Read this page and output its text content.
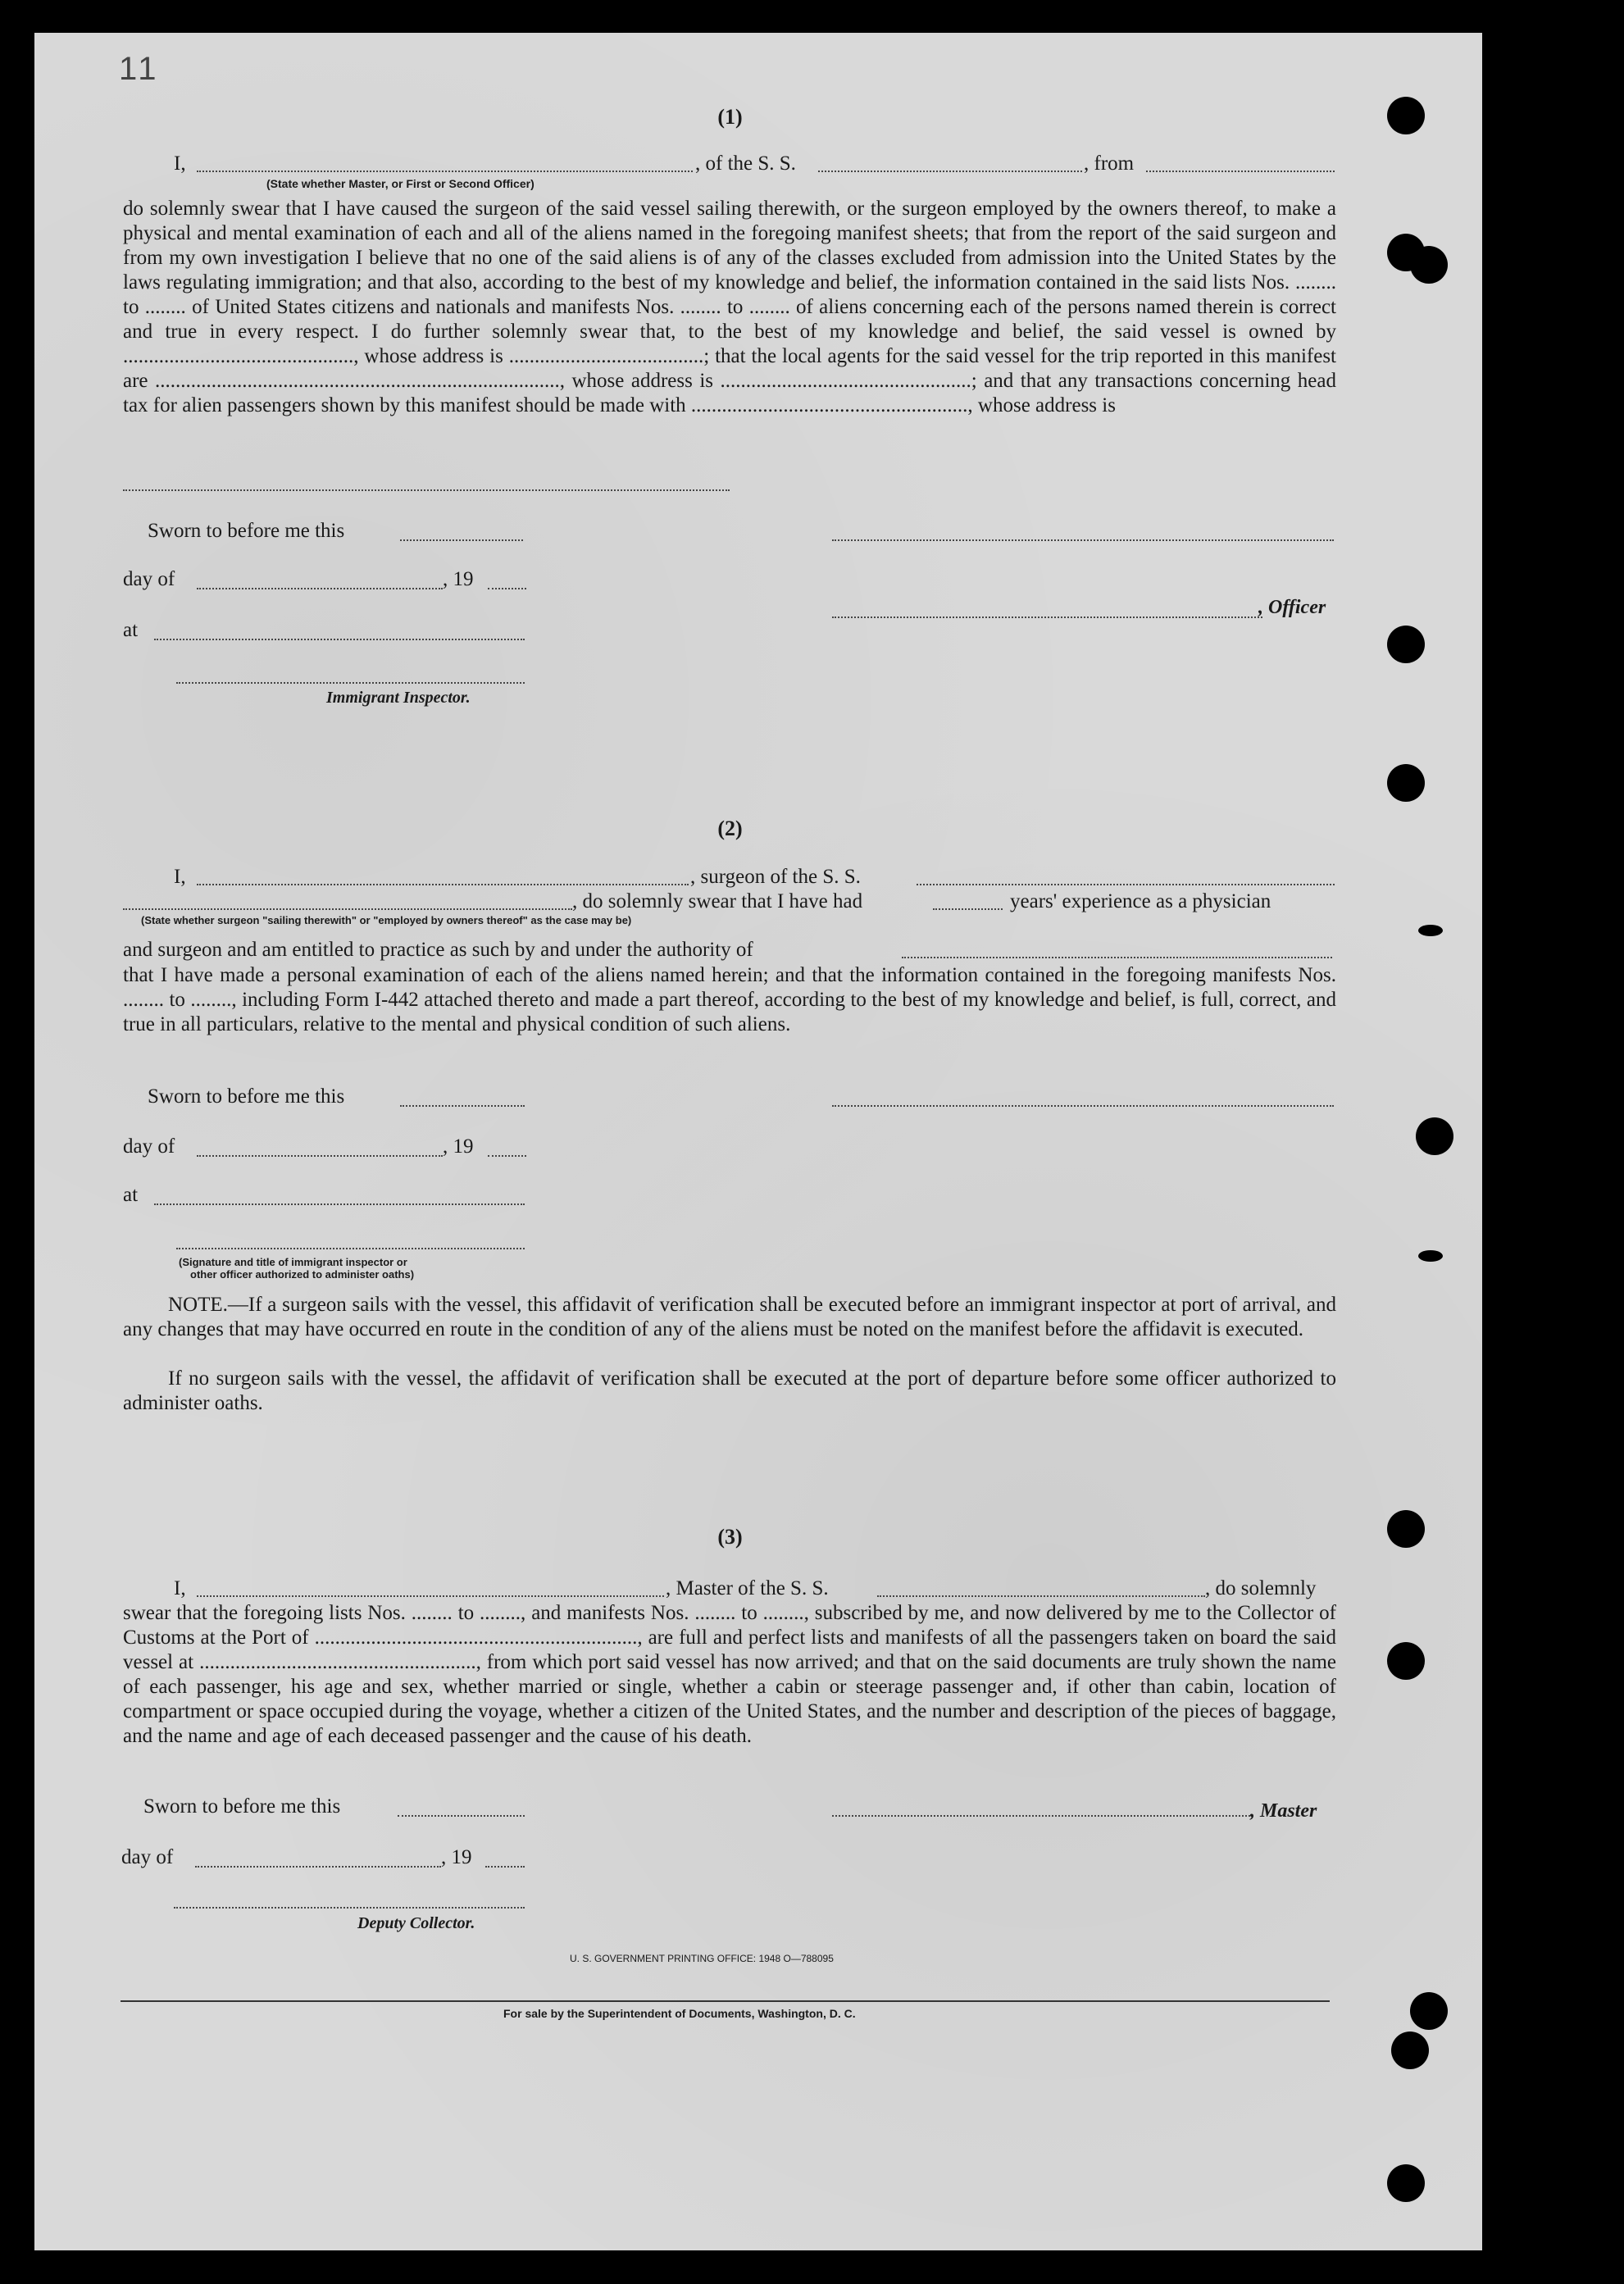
11
(1)
I,	, of the S. S.	, from
(State whether Master, or First or Second Officer)
do solemnly swear that I have caused the surgeon of the said vessel sailing therewith, or the surgeon employed by the owners thereof, to make a physical and mental examination of each and all of the aliens named in the foregoing manifest sheets; that from the report of the said surgeon and from my own investigation I believe that no one of the said aliens is of any of the classes excluded from admission into the United States by the laws regulating immigration; and that also, according to the best of my knowledge and belief, the information contained in the said lists Nos. ........ to ........ of United States citizens and nationals and manifests Nos. ........ to ........ of aliens concerning each of the persons named therein is correct and true in every respect. I do further solemnly swear that, to the best of my knowledge and belief, the said vessel is owned by ............................................., whose address is ......................................; that the local agents for the said vessel for the trip reported in this manifest are ..............................................................................., whose address is .................................................; and that any transactions concerning head tax for alien passengers shown by this manifest should be made with ......................................................, whose address is
Sworn to before me this
day of	, 19
, Officer
at
Immigrant Inspector.
(2)
I,	, surgeon of the S. S.
, do solemnly swear that I have had	years' experience as a physician
(State whether surgeon "sailing therewith" or "employed by owners thereof" as the case may be)
and surgeon and am entitled to practice as such by and under the authority of
that I have made a personal examination of each of the aliens named herein; and that the information contained in the foregoing manifests Nos. ........ to ........, including Form I-442 attached thereto and made a part thereof, according to the best of my knowledge and belief, is full, correct, and true in all particulars, relative to the mental and physical condition of such aliens.
Sworn to before me this
day of	, 19
at
(Signature and title of immigrant inspector or
other officer authorized to administer oaths)
NOTE.—If a surgeon sails with the vessel, this affidavit of verification shall be executed before an immigrant inspector at port of arrival, and any changes that may have occurred en route in the condition of any of the aliens must be noted on the manifest before the affidavit is executed.
If no surgeon sails with the vessel, the affidavit of verification shall be executed at the port of departure before some officer authorized to administer oaths.
(3)
I,	, Master of the S. S.	, do solemnly
swear that the foregoing lists Nos. ........ to ........, and manifests Nos. ........ to ........, subscribed by me, and now delivered by me to the Collector of Customs at the Port of ..............................................................., are full and perfect lists and manifests of all the passengers taken on board the said vessel at ......................................................, from which port said vessel has now arrived; and that on the said documents are truly shown the name of each passenger, his age and sex, whether married or single, whether a cabin or steerage passenger and, if other than cabin, location of compartment or space occupied during the voyage, whether a citizen of the United States, and the number and description of the pieces of baggage, and the name and age of each deceased passenger and the cause of his death.
Sworn to before me this	, Master
day of	, 19
Deputy Collector.
U. S. GOVERNMENT PRINTING OFFICE: 1948 O—788095
For sale by the Superintendent of Documents, Washington, D. C.
